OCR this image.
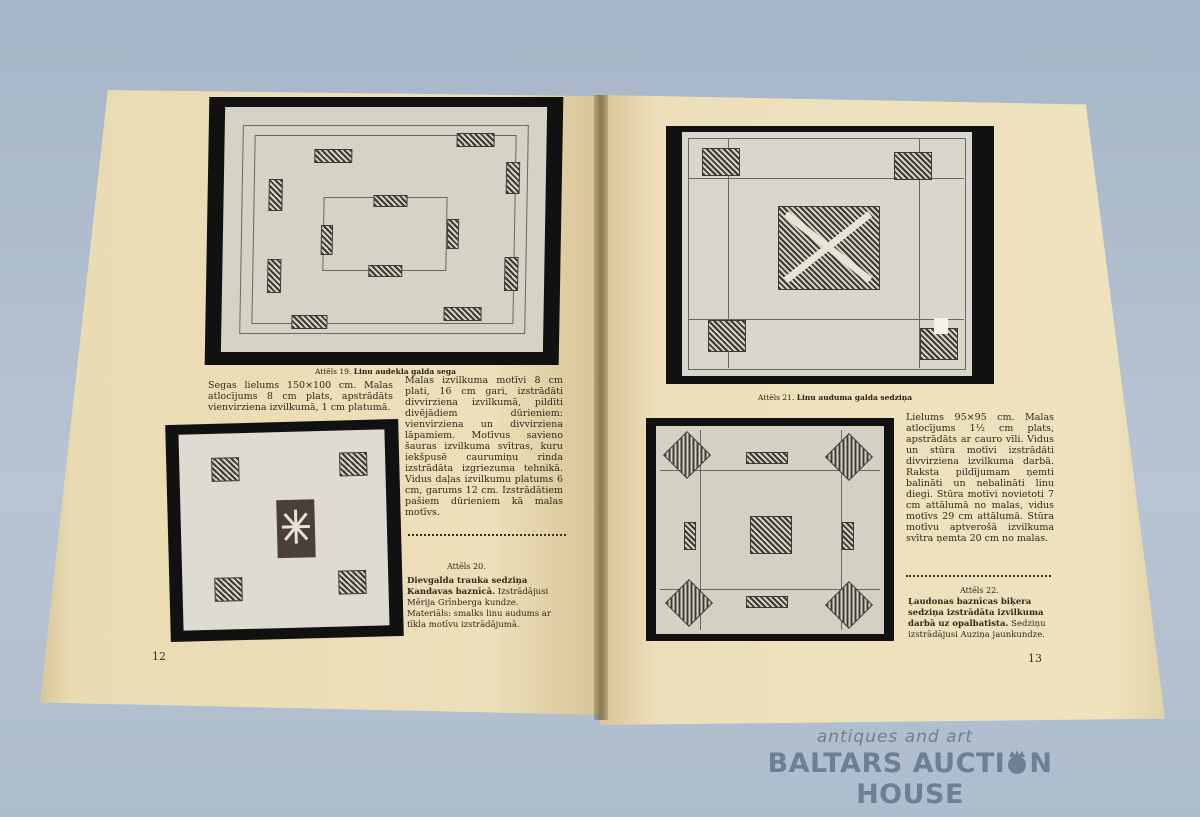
Attēls 19. Linu audekla galda sega
Segas lielums 150×100 cm. Malas atlocījums 8 cm plats, apstrādāts vienvirziena izvilkumā, 1 cm platumā.
Malas izvilkuma motīvi 8 cm plati, 16 cm gari, izstrādāti divvirziena izvilkumā, pildīti divējādiem dūrieniem: vienvirziena un divvirziena lāpamiem. Motīvus savieno šauras izvilkuma svītras, kuru iekšpusē caurumiņu rinda izstrādāta izgriezuma tehnikā. Vidus daļas izvilkumu platums 6 cm, garums 12 cm. Izstrādātiem pašiem dūrieniem kā malas motīvs.
Attēls 20.
Dievgalda trauka sedziņa Kandavas baznīcā. Izstrādājusi Mērija Grīnberga kundze. Materiāls: smalks linu audums ar tīkla motīvu izstrādājumā.
12
Attēls 21. Linu auduma galda sedziņa
Lielums 95×95 cm. Malas atlocījums 1½ cm plats, apstrādāts ar cauro vīli. Vidus un stūra motīvi izstrādāti divvirziena izvilkuma darbā. Raksta pildījumam ņemti balināti un nebalināti linu diegi. Stūra motīvi novietoti 7 cm attālumā no malas, vidus motīvs 29 cm attālumā. Stūra motīvu aptverošā izvilkuma svītra ņemta 20 cm no malas.
Attēls 22.
Ļaudonas baznīcas biķera sedziņa izstrādāta izvilkuma darbā uz opalbatista. Sedziņu izstrādājusi Auziņa jaunkundze.
13
antiques and art
BALTARS AUCTI N HOUSE
